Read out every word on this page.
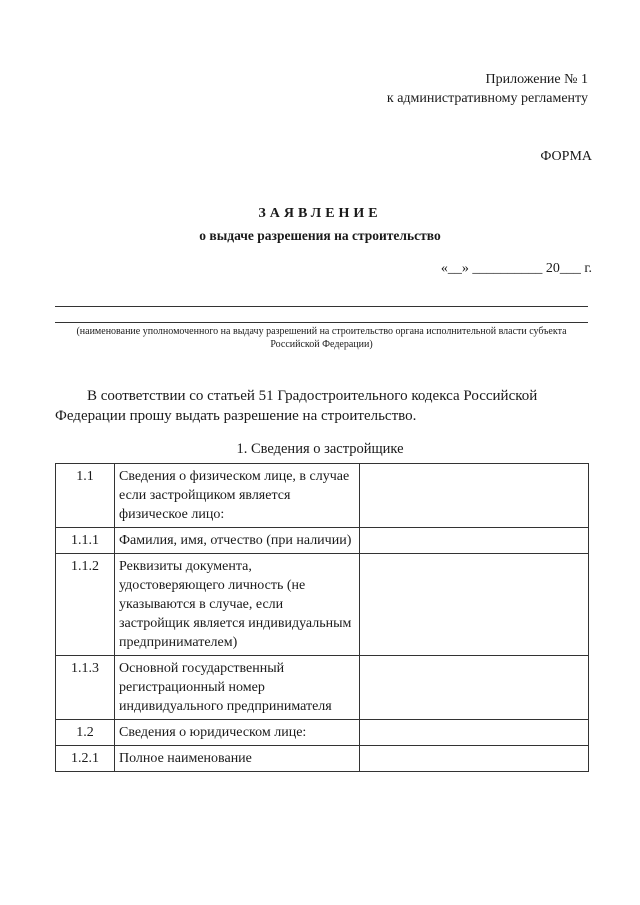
Приложение № 1
к административному регламенту
ФОРМА
ЗАЯВЛЕНИЕ
о выдаче разрешения на строительство
«__» __________ 20___ г.
(наименование уполномоченного на выдачу разрешений на строительство органа исполнительной власти субъекта Российской Федерации)
В соответствии со статьей 51 Градостроительного кодекса Российской Федерации прошу выдать разрешение на строительство.
1. Сведения о застройщике
1.1	Сведения о физическом лице, в случае если застройщиком является физическое лицо:	
1.1.1	Фамилия, имя, отчество (при наличии)	
1.1.2	Реквизиты документа, удостоверяющего личность (не указываются в случае, если застройщик является индивидуальным предпринимателем)	
1.1.3	Основной государственный регистрационный номер индивидуального предпринимателя	
1.2	Сведения о юридическом лице:	
1.2.1	Полное наименование	
